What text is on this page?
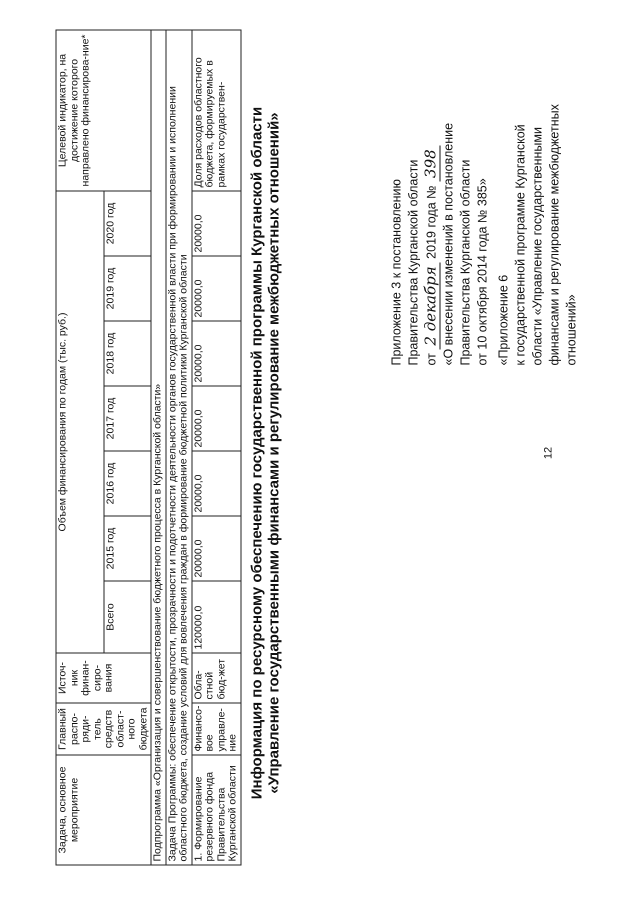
12
Приложение 3 к постановлению Правительства Курганской области от 2 декабря 2019 года № 398 «О внесении изменений в постановление Правительства Курганской области от 10 октября 2014 года № 385» «Приложение 6 к государственной программе Курганской области «Управление государственными финансами и регулирование межбюджетных отношений»
Информация по ресурсному обеспечению государственной программы Курганской области «Управление государственными финансами и регулирование межбюджетных отношений»
Задача, основное мероприятие	Главный распо-ряди-тель средств област-ного бюджета	Источ-ник финан-сиро-вания	Объем финансирования по годам (тыс. руб.)							Целевой индикатор, на достижение которого направлено финансирова-ние*
			Всего	2015 год	2016 год	2017 год	2018 год	2019 год	2020 год	
Подпрограмма «Организация и совершенствование бюджетного процесса в Курганской области»										
Задача Программы: обеспечение открытости, прозрачности и подотчетности деятельности органов государственной власти при формировании и исполнении областного бюджета, создание условий для вовлечения граждан в формирование бюджетной политики Курганской области										
1. Формирование резервного фонда Правительства Курганской области	Финансо-вое управле-ние	Обла-стной бюд-жет	120000,0	20000,0	20000,0	20000,0	20000,0	20000,0	20000,0	Доля расходов областного бюджета, формируемых в рамках государствен-
